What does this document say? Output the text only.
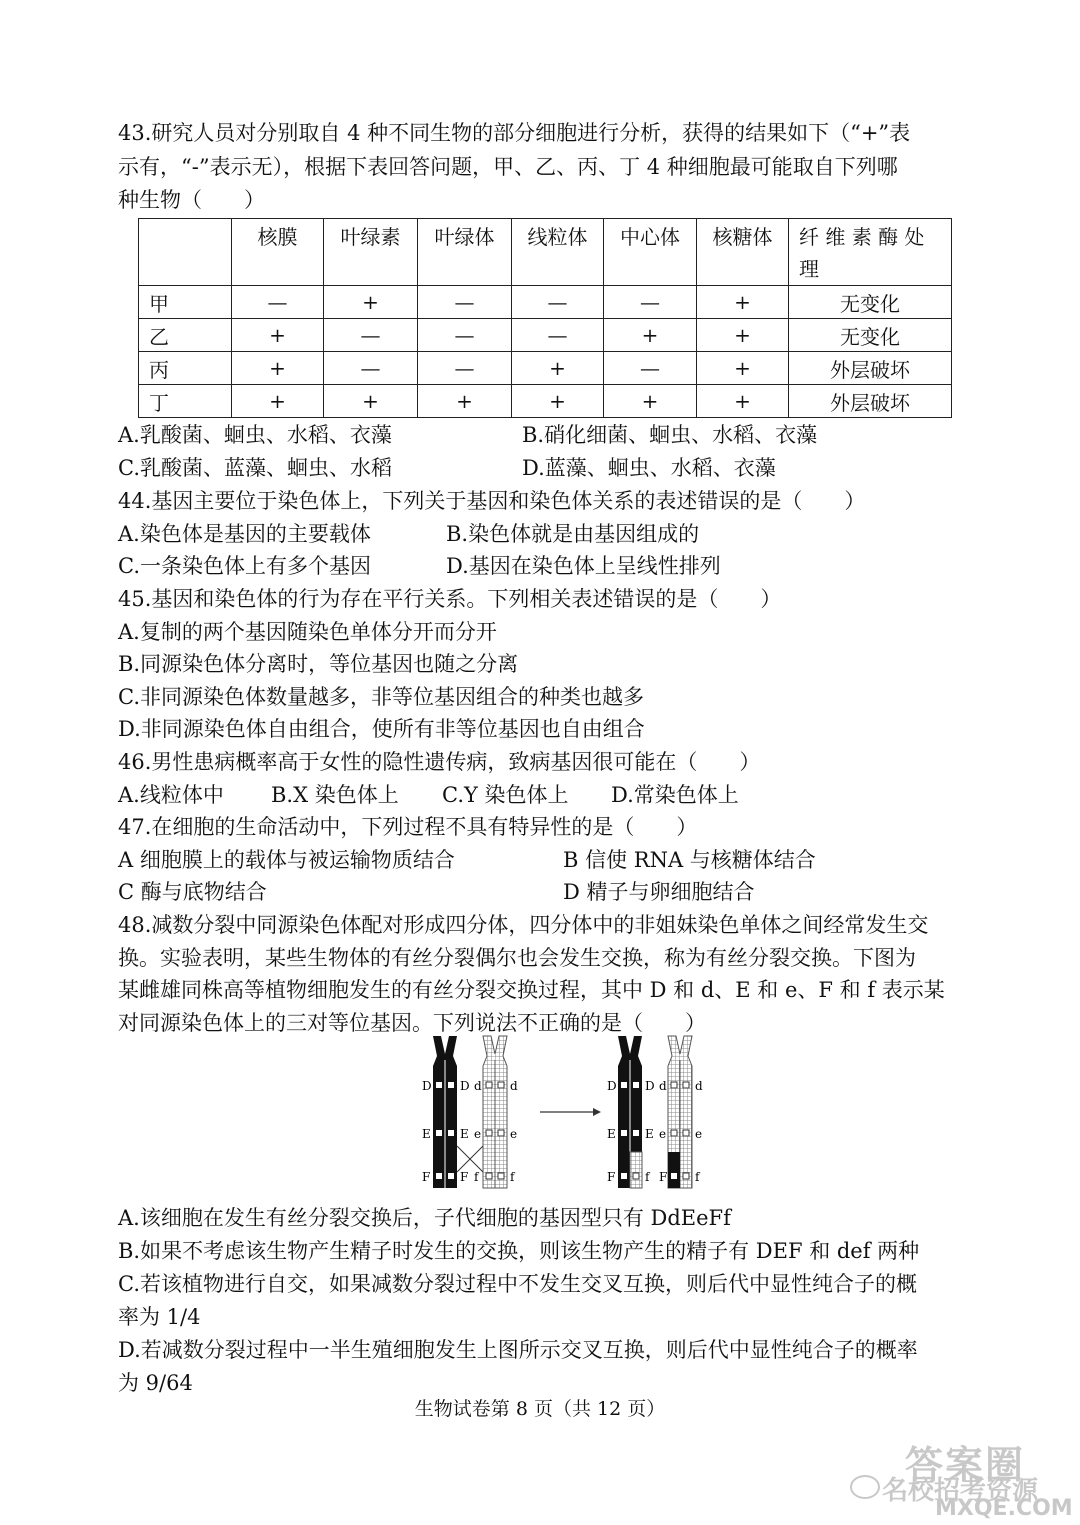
43.研究人员对分别取自 4 种不同生物的部分细胞进行分析，获得的结果如下（“+”表
示有，“-”表示无），根据下表回答问题，甲、乙、丙、丁 4 种细胞最可能取自下列哪
种生物（　　）
	核膜	叶绿素	叶绿体	线粒体	中心体	核糖体	纤 维 素 酶 处
理
甲	—	+	—	—	—	+	无变化
乙	+	—	—	—	+	+	无变化
丙	+	—	—	+	—	+	外层破坏
丁	+	+	+	+	+	+	外层破坏
A.乳酸菌、蛔虫、水稻、衣藻	B.硝化细菌、蛔虫、水稻、衣藻
C.乳酸菌、蓝藻、蛔虫、水稻	D.蓝藻、蛔虫、水稻、衣藻
44.基因主要位于染色体上，下列关于基因和染色体关系的表述错误的是（　　）
A.染色体是基因的主要载体	B.染色体就是由基因组成的
C.一条染色体上有多个基因	D.基因在染色体上呈线性排列
45.基因和染色体的行为存在平行关系。下列相关表述错误的是（　　）
A.复制的两个基因随染色单体分开而分开
B.同源染色体分离时，等位基因也随之分离
C.非同源染色体数量越多，非等位基因组合的种类也越多
D.非同源染色体自由组合，使所有非等位基因也自由组合
46.男性患病概率高于女性的隐性遗传病，致病基因很可能在（　　）
A.线粒体中 B.X 染色体上 C.Y 染色体上 D.常染色体上
47.在细胞的生命活动中，下列过程不具有特异性的是（　　）
A 细胞膜上的载体与被运输物质结合	B 信使 RNA 与核糖体结合
C 酶与底物结合	D 精子与卵细胞结合
48.减数分裂中同源染色体配对形成四分体，四分体中的非姐妹染色单体之间经常发生交
换。实验表明，某些生物体的有丝分裂偶尔也会发生交换，称为有丝分裂交换。下图为
某雌雄同株高等植物细胞发生的有丝分裂交换过程，其中 D 和 d、E 和 e、F 和 f 表示某
对同源染色体上的三对等位基因。下列说法不正确的是（　　）
D D d d
E E e e
F F f	f
D D d d
E E e e
F f F f
A.该细胞在发生有丝分裂交换后，子代细胞的基因型只有 DdEeFf
B.如果不考虑该生物产生精子时发生的交换，则该生物产生的精子有 DEF 和 def 两种
C.若该植物进行自交，如果减数分裂过程中不发生交叉互换，则后代中显性纯合子的概
率为 1/4
D.若减数分裂过程中一半生殖细胞发生上图所示交叉互换，则后代中显性纯合子的概率
为 9/64
生物试卷第 8 页（共 12 页）
答案圈
名校招考资源
MXQE.COM
